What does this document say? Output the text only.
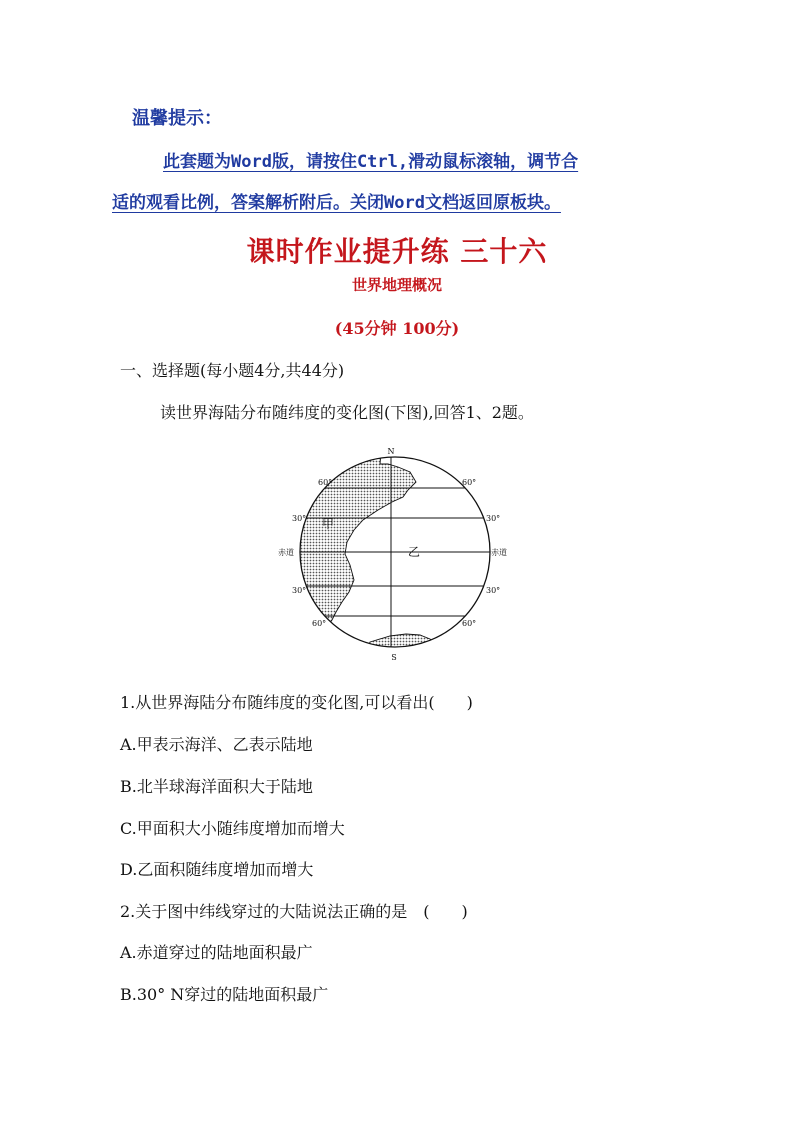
温馨提示：
此套题为Word版，请按住Ctrl,滑动鼠标滚轴，调节合
适的观看比例，答案解析附后。关闭Word文档返回原板块。
课时作业提升练 三十六
世界地理概况
(45分钟 100分)
一、选择题(每小题4分,共44分)
读世界海陆分布随纬度的变化图(下图),回答1、2题。
N
S
60°	60°
30°	30°
赤道	赤道
30°	30°
60°	60°
甲
乙
1.从世界海陆分布随纬度的变化图,可以看出(　　)
A.甲表示海洋、乙表示陆地
B.北半球海洋面积大于陆地
C.甲面积大小随纬度增加而增大
D.乙面积随纬度增加而增大
2.关于图中纬线穿过的大陆说法正确的是　(　　)
A.赤道穿过的陆地面积最广
B.30° N穿过的陆地面积最广
